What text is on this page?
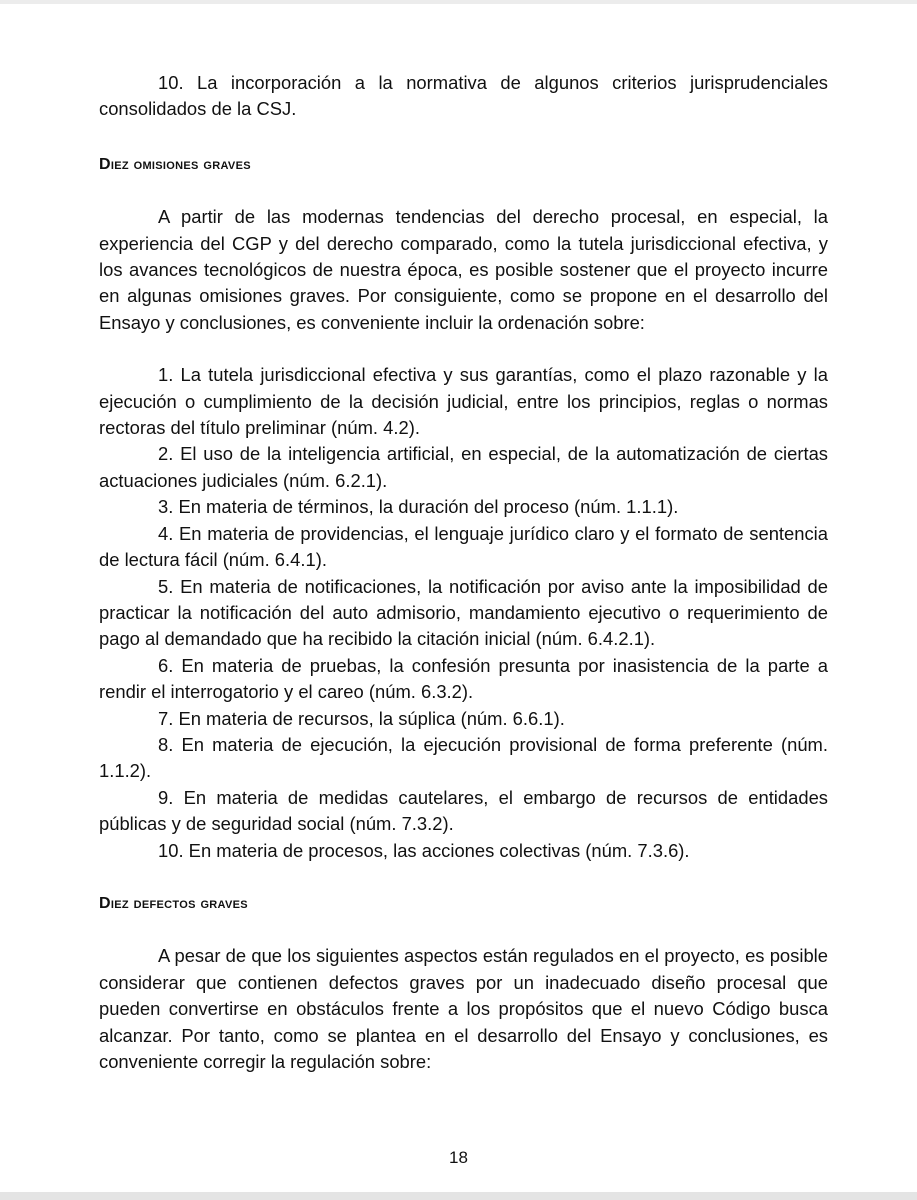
10. La incorporación a la normativa de algunos criterios jurisprudenciales consolidados de la CSJ.

Diez omisiones graves

A partir de las modernas tendencias del derecho procesal, en especial, la experiencia del CGP y del derecho comparado, como la tutela jurisdiccional efectiva, y los avances tecnológicos de nuestra época, es posible sostener que el proyecto incurre en algunas omisiones graves. Por consiguiente, como se propone en el desarrollo del Ensayo y conclusiones, es conveniente incluir la ordenación sobre:

1. La tutela jurisdiccional efectiva y sus garantías, como el plazo razonable y la ejecución o cumplimiento de la decisión judicial, entre los principios, reglas o normas rectoras del título preliminar (núm. 4.2).

2. El uso de la inteligencia artificial, en especial, de la automatización de ciertas actuaciones judiciales (núm. 6.2.1).

3. En materia de términos, la duración del proceso (núm. 1.1.1).

4. En materia de providencias, el lenguaje jurídico claro y el formato de sentencia de lectura fácil (núm. 6.4.1).

5. En materia de notificaciones, la notificación por aviso ante la imposibilidad de practicar la notificación del auto admisorio, mandamiento ejecutivo o requerimiento de pago al demandado que ha recibido la citación inicial (núm. 6.4.2.1).

6. En materia de pruebas, la confesión presunta por inasistencia de la parte a rendir el interrogatorio y el careo (núm. 6.3.2).

7. En materia de recursos, la súplica (núm. 6.6.1).

8. En materia de ejecución, la ejecución provisional de forma preferente (núm. 1.1.2).

9. En materia de medidas cautelares, el embargo de recursos de entidades públicas y de seguridad social (núm. 7.3.2).

10. En materia de procesos, las acciones colectivas (núm. 7.3.6).

Diez defectos graves

A pesar de que los siguientes aspectos están regulados en el proyecto, es posible considerar que contienen defectos graves por un inadecuado diseño procesal que pueden convertirse en obstáculos frente a los propósitos que el nuevo Código busca alcanzar. Por tanto, como se plantea en el desarrollo del Ensayo y conclusiones, es conveniente corregir la regulación sobre:

18
